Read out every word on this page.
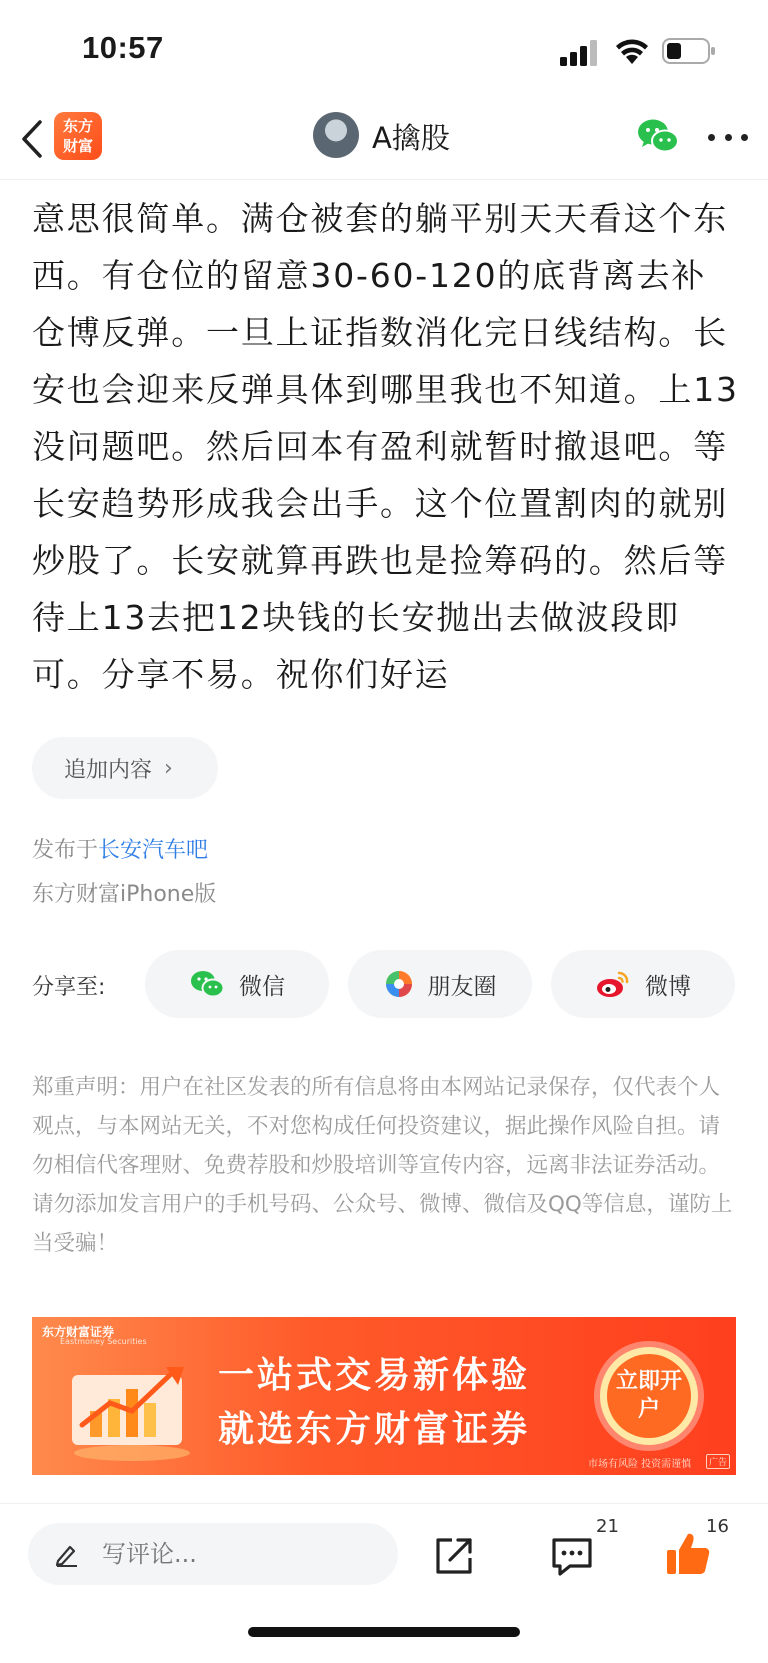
10:57
东方
财富	A擒股
意思很简单。满仓被套的躺平别天天看这个东西。有仓位的留意30-60-120的底背离去补仓博反弹。一旦上证指数消化完日线结构。长安也会迎来反弹具体到哪里我也不知道。上13没问题吧。然后回本有盈利就暂时撤退吧。等长安趋势形成我会出手。这个位置割肉的就别炒股了。长安就算再跌也是捡筹码的。然后等待上13去把12块钱的长安抛出去做波段即可。分享不易。祝你们好运
追加内容 ›
发布于长安汽车吧
东方财富iPhone版
分享至:	微信	朋友圈	微博
郑重声明：用户在社区发表的所有信息将由本网站记录保存，仅代表个人观点，与本网站无关，不对您构成任何投资建议，据此操作风险自担。请勿相信代客理财、免费荐股和炒股培训等宣传内容，远离非法证券活动。请勿添加发言用户的手机号码、公众号、微博、微信及QQ等信息，谨防上当受骗！
东方财富证券
Eastmoney Securities
一站式交易新体验
就选东方财富证券
立即开户
市场有风险 投资需谨慎	广告
写评论...
21	16
